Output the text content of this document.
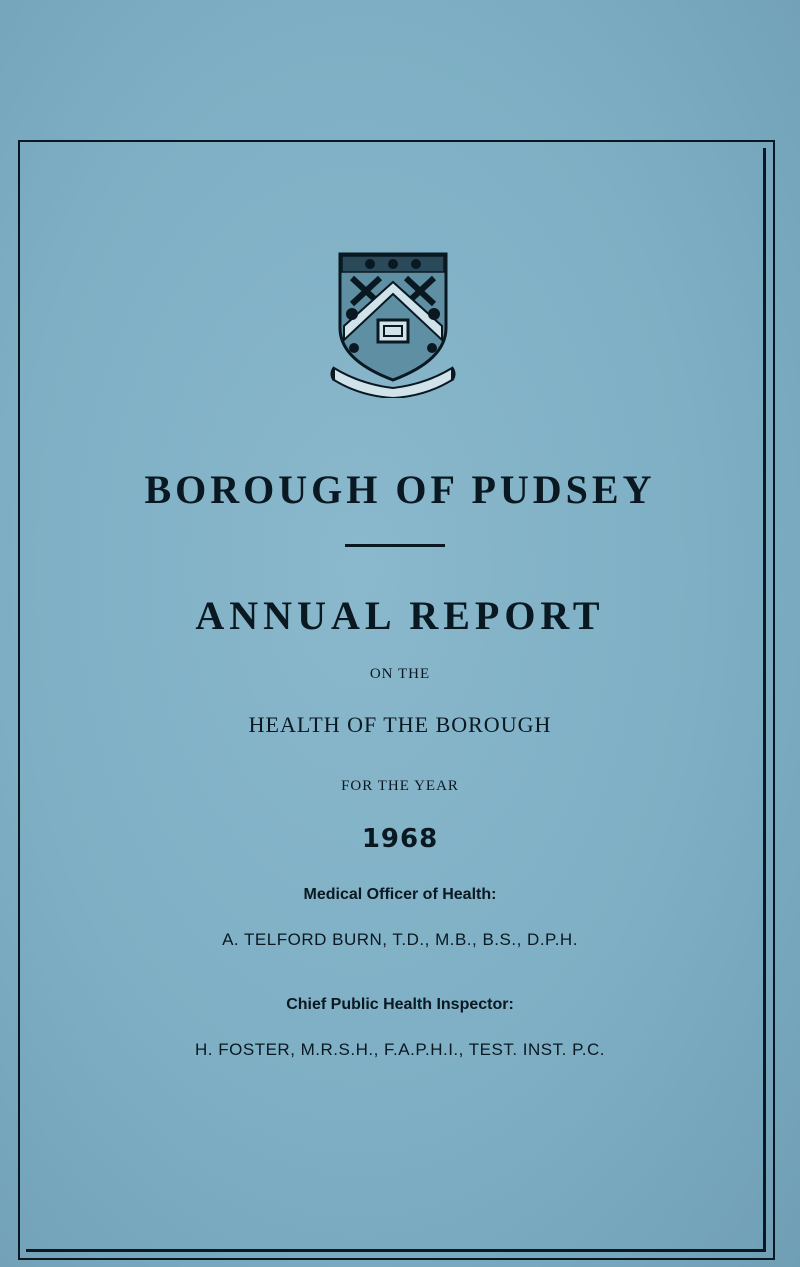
BOROUGH OF PUDSEY
ANNUAL REPORT
ON THE
HEALTH OF THE BOROUGH
FOR THE YEAR
1968
Medical Officer of Health:
A. TELFORD BURN, T.D., M.B., B.S., D.P.H.
Chief Public Health Inspector:
H. FOSTER, M.R.S.H., F.A.P.H.I., TEST. INST. P.C.
